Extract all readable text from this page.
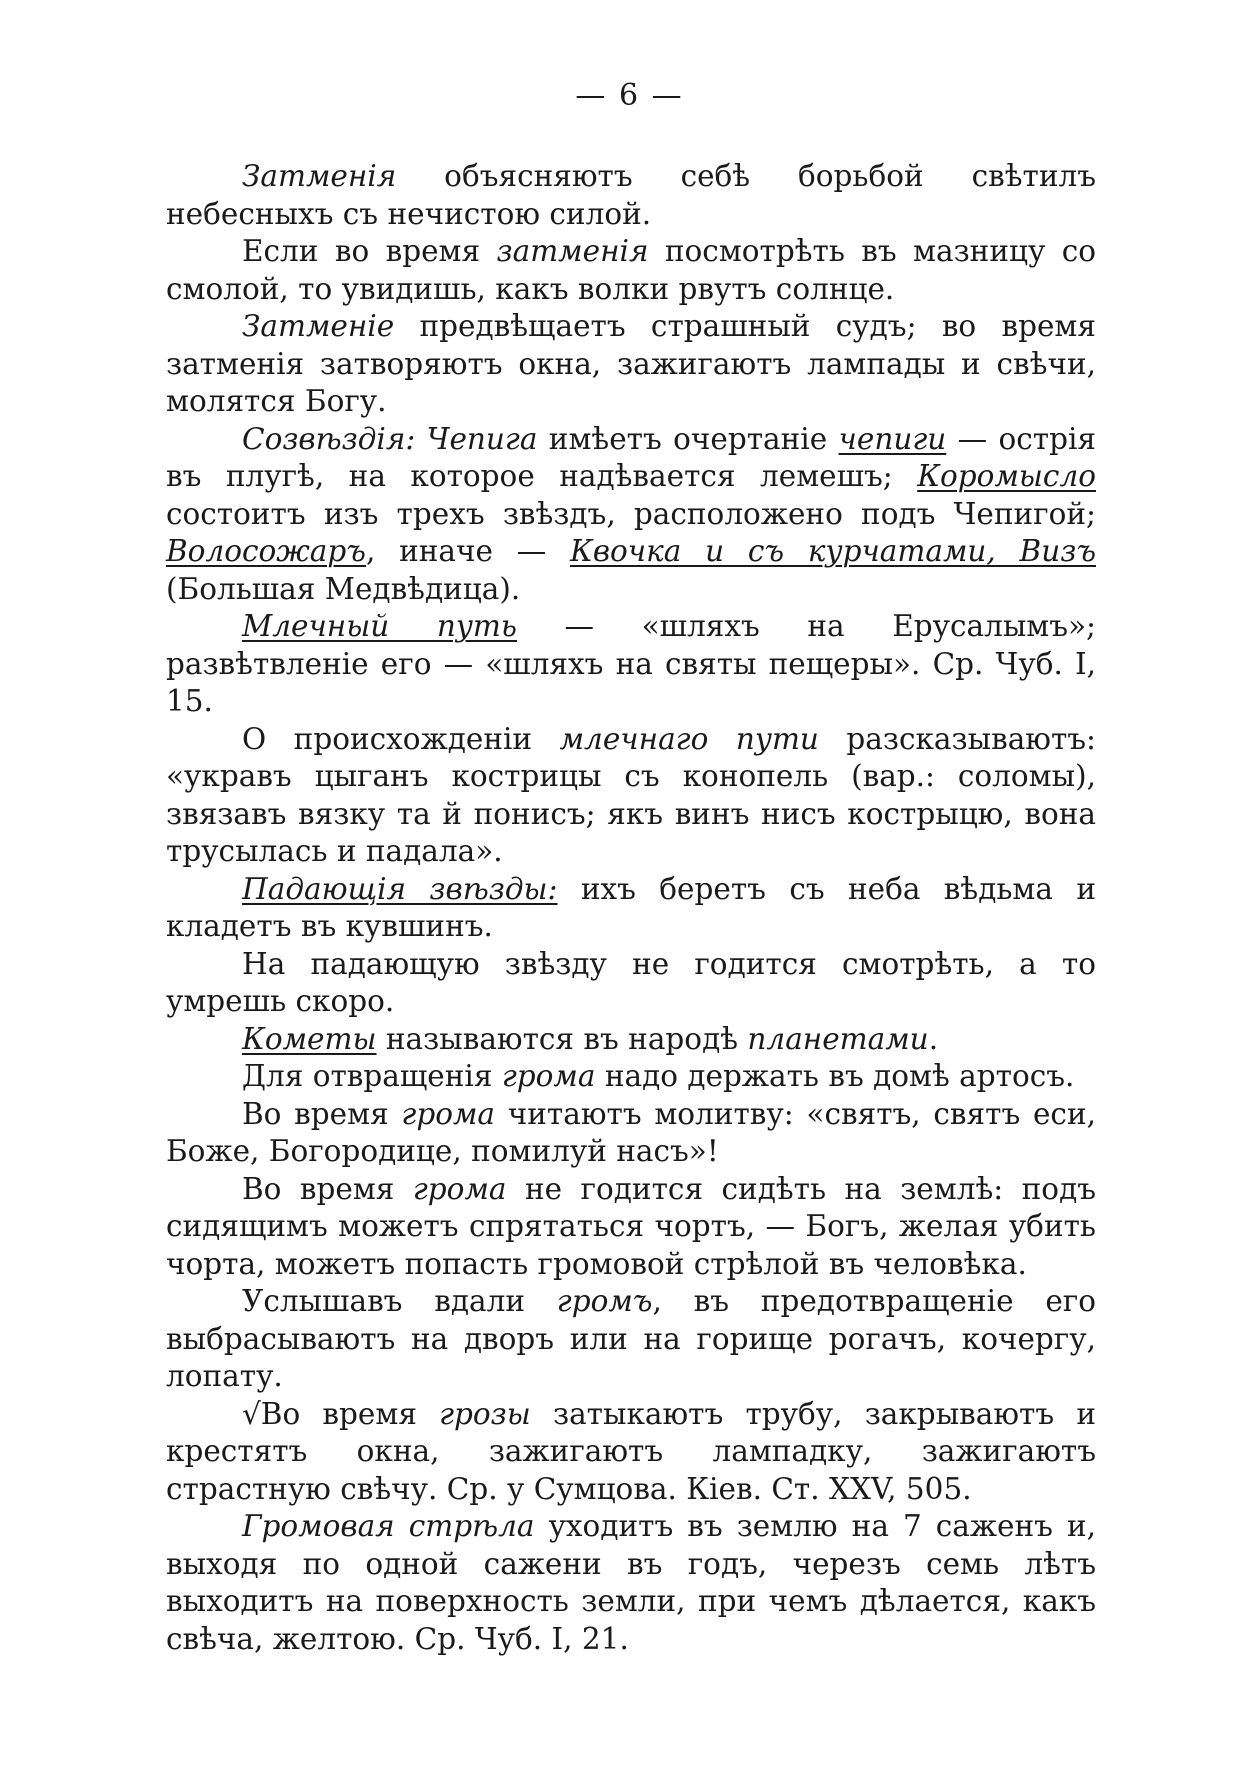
— 6 —

Затменія объясняютъ себѣ борьбой свѣтилъ небесныхъ съ нечистою силой.

Если во время затменія посмотрѣть въ мазницу со смолой, то увидишь, какъ волки рвутъ солнце.

Затменіе предвѣщаетъ страшный судъ; во время затменія затворяютъ окна, зажигаютъ лампады и свѣчи, молятся Богу.

Созвѣздія: Чепига имѣетъ очертаніе чепиги — острія въ плугѣ, на которое надѣвается лемешъ; Коромысло состоитъ изъ трехъ звѣздъ, расположено подъ Чепигой; Волосожаръ, иначе — Квочка и съ курчатами, Визъ (Большая Медвѣдица).

Млечный путь — «шляхъ на Ерусалымъ»; развѣтвленіе его — «шляхъ на святы пещеры». Ср. Чуб. I, 15.

О происхожденіи млечнаго пути разсказываютъ: «укравъ цыганъ кострицы съ конопель (вар.: соломы), звязавъ вязку та й понисъ; якъ винъ нисъ кострыцю, вона трусылась и падала».

Падающія звѣзды: ихъ беретъ съ неба вѣдьма и кладетъ въ кувшинъ.

На падающую звѣзду не годится смотрѣть, а то умрешь скоро.

Кометы называются въ народѣ планетами.

Для отвращенія грома надо держать въ домѣ артосъ.

Во время грома читаютъ молитву: «святъ, святъ еси, Боже, Богородице, помилуй насъ»!

Во время грома не годится сидѣть на землѣ: подъ сидящимъ можетъ спрятаться чортъ, — Богъ, желая убить чорта, можетъ попасть громовой стрѣлой въ человѣка.

Услышавъ вдали громъ, въ предотвращеніе его выбрасываютъ на дворъ или на горище рогачъ, кочергу, лопату.

√Во время грозы затыкаютъ трубу, закрываютъ и крестятъ окна, зажигаютъ лампадку, зажигаютъ страстную свѣчу. Ср. у Сумцова. Кіев. Ст. XXV, 505.

Громовая стрѣла уходитъ въ землю на 7 саженъ и, выходя по одной сажени въ годъ, черезъ семь лѣтъ выходитъ на поверхность земли, при чемъ дѣлается, какъ свѣча, желтою. Ср. Чуб. I, 21.
